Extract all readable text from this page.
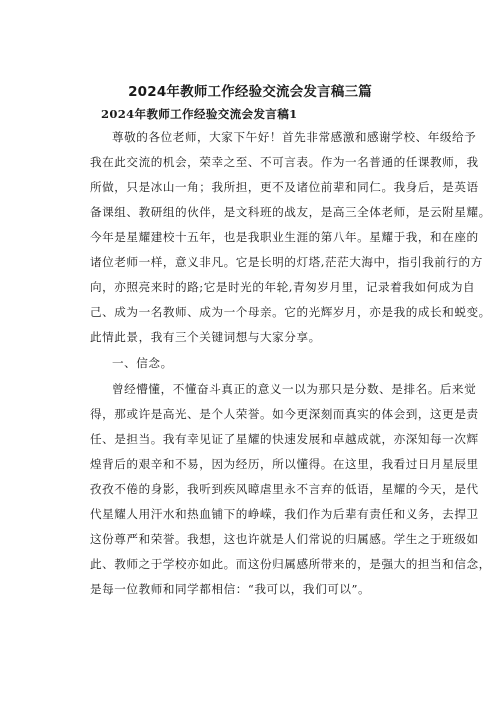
2024年教师工作经验交流会发言稿三篇
2024年教师工作经验交流会发言稿1
尊敬的各位老师，大家下午好！首先非常感激和感谢学校、年级给予
我在此交流的机会，荣幸之至、不可言表。作为一名普通的任课教师，我
所做，只是冰山一角；我所担，更不及诸位前辈和同仁。我身后，是英语
备课组、教研组的伙伴，是文科班的战友，是高三全体老师，是云附星耀。
今年是星耀建校十五年，也是我职业生涯的第八年。星耀于我，和在座的
诸位老师一样，意义非凡。它是长明的灯塔,茫茫大海中，指引我前行的方
向，亦照亮来时的路;它是时光的年轮,青匆岁月里，记录着我如何成为自
己、成为一名教师、成为一个母亲。它的光辉岁月，亦是我的成长和蜕变。
此情此景，我有三个关键词想与大家分享。
一、信念。
曾经懵懂，不懂奋斗真正的意义一以为那只是分数、是排名。后来觉
得，那或许是高光、是个人荣誉。如今更深刻而真实的体会到，这更是责
任、是担当。我有幸见证了星耀的快速发展和卓越成就，亦深知每一次辉
煌背后的艰辛和不易，因为经历，所以懂得。在这里，我看过日月星辰里
孜孜不倦的身影，我听到疾风暲虐里永不言弃的低语，星耀的今天，是代
代星耀人用汗水和热血铺下的峥嵘，我们作为后辈有责任和义务，去捍卫
这份尊严和荣誉。我想，这也许就是人们常说的归属感。学生之于班级如
此、教师之于学校亦如此。而这份归属感所带来的，是强大的担当和信念，
是每一位教师和同学都相信：“我可以，我们可以”。
